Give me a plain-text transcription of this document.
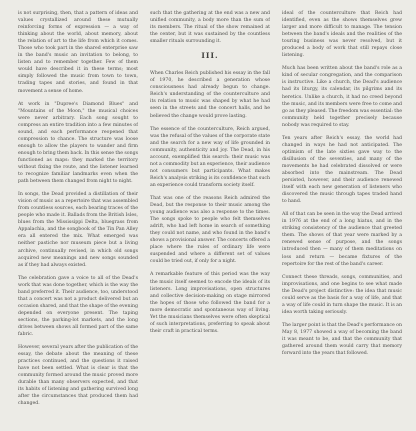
is not surprising, then, that a pattern of ideas and values crystallized around these mutually reinforcing forms of expression — a way of thinking about the world, about memory, about the relation of art to the life from which it comes. Those who took part in the shared enterprise saw in the band's music an invitation to belong, to listen and to remember together. Few of them would have described it in these terms; most simply followed the music from town to town, trading tapes and stories, and found in that movement a sense of home.

At work in "Dupree's Diamond Blues" and "Mountains of the Moon," the musical choices were never arbitrary. Each song sought to compress an entire tradition into a few minutes of sound, and each performance reopened that compression to chance. The structure was loose enough to allow the players to wander and firm enough to bring them back. In this sense the songs functioned as maps: they marked the territory without fixing the route, and the listener learned to recognize familiar landmarks even when the path between them changed from night to night.

In songs, the Dead provided a distillation of their vision of music as a repertoire that was assembled from countless sources, each bearing traces of the people who made it. Ballads from the British Isles, blues from the Mississippi Delta, bluegrass from Appalachia, and the songbook of the Tin Pan Alley era all entered the mix. What emerged was neither pastiche nor museum piece but a living archive, continually revised, in which old songs acquired new meanings and new songs sounded as if they had always existed.

The celebration gave a voice to all of the Dead's work that was done together, which is the way the band preferred it. Their audience, too, understood that a concert was not a product delivered but an occasion shared, and that the shape of the evening depended on everyone present. The taping sections, the parking-lot markets, and the long drives between shows all formed part of the same fabric.

However, several years after the publication of the essay, the debate about the meaning of these practices continued, and the questions it raised have not been settled. What is clear is that the community formed around the music proved more durable than many observers expected, and that its habits of listening and gathering survived long after the circumstances that produced them had changed.

such that the gathering at the end was a new and unified community, a body more than the sum of its members. The ritual of the show remained at the center, but it was sustained by the countless smaller rituals surrounding it.

III.

When Charles Reich published his essay in the fall of 1970, he described a generation whose consciousness had already begun to change. Reich's understanding of the counterculture and its relation to music was shaped by what he had seen in the streets and the concert halls, and he believed the change would prove lasting.

The essence of the counterculture, Reich argued, was the refusal of the values of the corporate state and the search for a new way of life grounded in community, authenticity and joy. The Dead, in his account, exemplified this search: their music was not a commodity but an experience, their audience not consumers but participants. What makes Reich's analysis striking is its confidence that such an experience could transform society itself.

That was one of the reasons Reich admired the Dead, but the response to their music among the young audience was also a response to the times. The songs spoke to people who felt themselves adrift, who had left home in search of something they could not name, and who found in the band's shows a provisional answer. The concerts offered a place where the rules of ordinary life were suspended and where a different set of values could be tried out, if only for a night.

A remarkable feature of this period was the way the music itself seemed to encode the ideals of its listeners. Long improvisations, open structures and collective decision-making on stage mirrored the hopes of those who followed the band for a more democratic and spontaneous way of living. Yet the musicians themselves were often skeptical of such interpretations, preferring to speak about their craft in practical terms.

ideal of the counterculture that Reich had identified, even as the shows themselves grew larger and more difficult to manage. The tension between the band's ideals and the realities of the touring business was never resolved, but it produced a body of work that still repays close listening.

Much has been written about the band's role as a kind of secular congregation, and the comparison is instructive. Like a church, the Dead's audience had its liturgy, its calendar, its pilgrims and its heretics. Unlike a church, it had no creed beyond the music, and its members were free to come and go as they pleased. The freedom was essential: the community held together precisely because nobody was required to stay.

Ten years after Reich's essay, the world had changed in ways he had not anticipated. The optimism of the late sixties gave way to the disillusion of the seventies, and many of the movements he had celebrated dissolved or were absorbed into the mainstream. The Dead persisted, however, and their audience renewed itself with each new generation of listeners who discovered the music through tapes traded hand to hand.

All of that can be seen in the way the Dead arrived in 1976 at the end of a long hiatus, and in the striking consistency of the audience that greeted them. The shows of that year were marked by a renewed sense of purpose, and the songs introduced then — many of them meditations on loss and return — became fixtures of the repertoire for the rest of the band's career.

Connect these threads, songs, communities, and improvisations, and one begins to see what made the Dead's project distinctive: the idea that music could serve as the basis for a way of life, and that a way of life could in turn shape the music. It is an idea worth taking seriously.

The larger point is that the Dead's performance on May 8, 1977 showed a way of becoming the band it was meant to be, and that the community that gathered around them would carry that memory forward into the years that followed.
